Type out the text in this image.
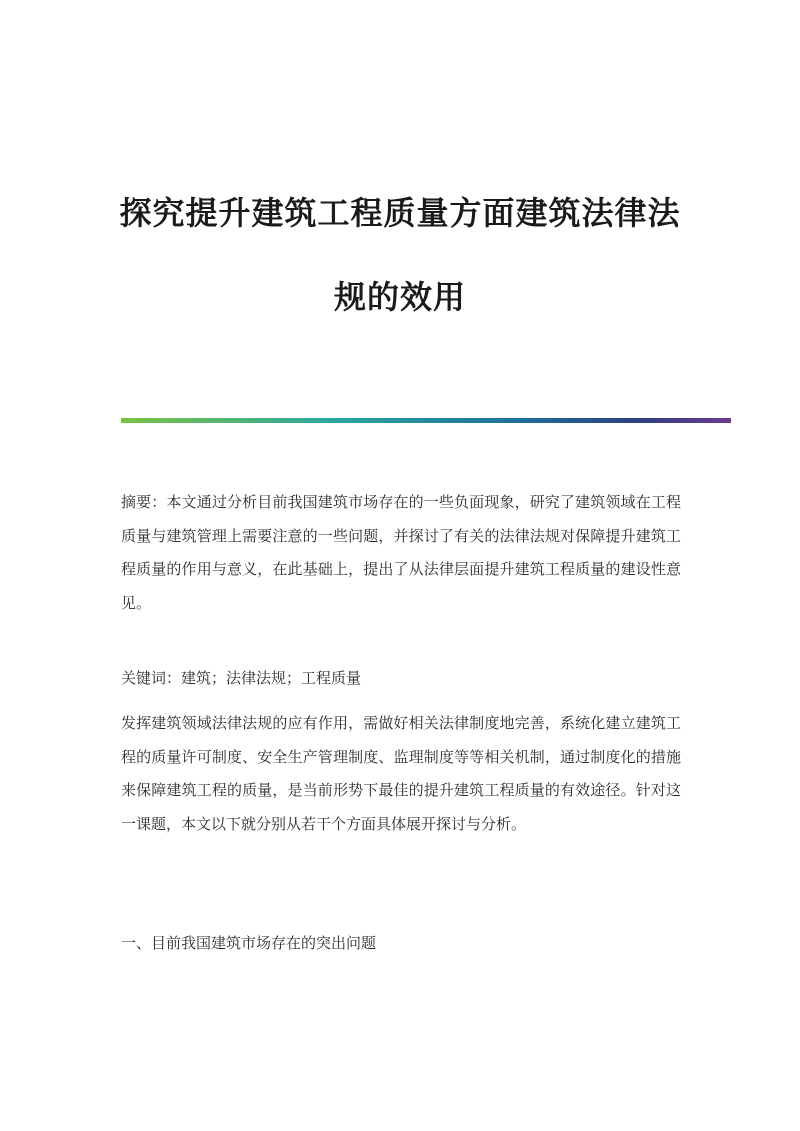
探究提升建筑工程质量方面建筑法律法
规的效用
摘要：本文通过分析目前我国建筑市场存在的一些负面现象，研究了建筑领域在工程质量与建筑管理上需要注意的一些问题，并探讨了有关的法律法规对保障提升建筑工程质量的作用与意义，在此基础上，提出了从法律层面提升建筑工程质量的建设性意见。
关键词：建筑；法律法规；工程质量
发挥建筑领域法律法规的应有作用，需做好相关法律制度地完善，系统化建立建筑工程的质量许可制度、安全生产管理制度、监理制度等等相关机制，通过制度化的措施来保障建筑工程的质量，是当前形势下最佳的提升建筑工程质量的有效途径。针对这一课题，本文以下就分别从若干个方面具体展开探讨与分析。
一、目前我国建筑市场存在的突出问题
